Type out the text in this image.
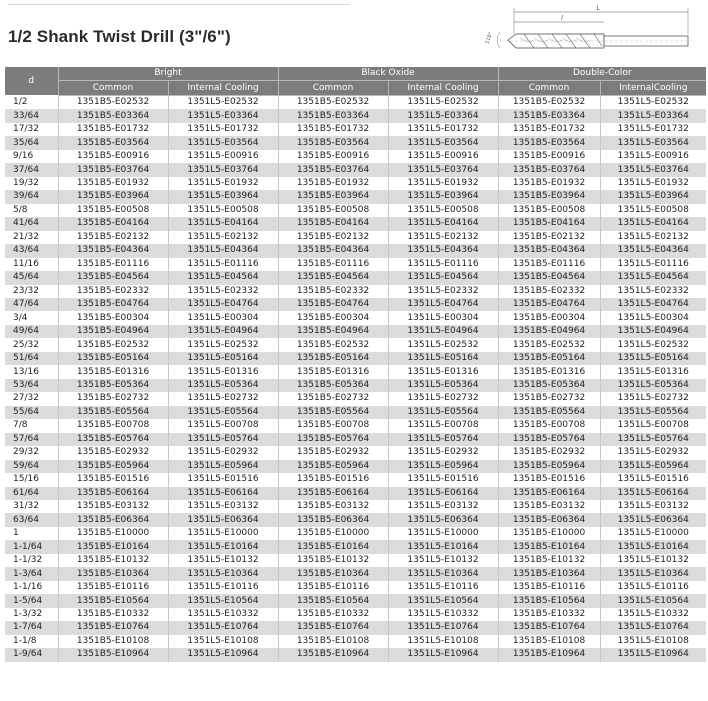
1/2 Shank Twist Drill (3"/6")
L
l
118°
d	Bright		Black Oxide		Double-Color	
	Common	Internal Cooling	Common	Internal Cooling	Common	InternalCooling
1/2	1351B5-E02532	1351L5-E02532	1351B5-E02532	1351L5-E02532	1351B5-E02532	1351L5-E02532
33/64	1351B5-E03364	1351L5-E03364	1351B5-E03364	1351L5-E03364	1351B5-E03364	1351L5-E03364
17/32	1351B5-E01732	1351L5-E01732	1351B5-E01732	1351L5-E01732	1351B5-E01732	1351L5-E01732
35/64	1351B5-E03564	1351L5-E03564	1351B5-E03564	1351L5-E03564	1351B5-E03564	1351L5-E03564
9/16	1351B5-E00916	1351L5-E00916	1351B5-E00916	1351L5-E00916	1351B5-E00916	1351L5-E00916
37/64	1351B5-E03764	1351L5-E03764	1351B5-E03764	1351L5-E03764	1351B5-E03764	1351L5-E03764
19/32	1351B5-E01932	1351L5-E01932	1351B5-E01932	1351L5-E01932	1351B5-E01932	1351L5-E01932
39/64	1351B5-E03964	1351L5-E03964	1351B5-E03964	1351L5-E03964	1351B5-E03964	1351L5-E03964
5/8	1351B5-E00508	1351L5-E00508	1351B5-E00508	1351L5-E00508	1351B5-E00508	1351L5-E00508
41/64	1351B5-E04164	1351L5-E04164	1351B5-E04164	1351L5-E04164	1351B5-E04164	1351L5-E04164
21/32	1351B5-E02132	1351L5-E02132	1351B5-E02132	1351L5-E02132	1351B5-E02132	1351L5-E02132
43/64	1351B5-E04364	1351L5-E04364	1351B5-E04364	1351L5-E04364	1351B5-E04364	1351L5-E04364
11/16	1351B5-E01116	1351L5-E01116	1351B5-E01116	1351L5-E01116	1351B5-E01116	1351L5-E01116
45/64	1351B5-E04564	1351L5-E04564	1351B5-E04564	1351L5-E04564	1351B5-E04564	1351L5-E04564
23/32	1351B5-E02332	1351L5-E02332	1351B5-E02332	1351L5-E02332	1351B5-E02332	1351L5-E02332
47/64	1351B5-E04764	1351L5-E04764	1351B5-E04764	1351L5-E04764	1351B5-E04764	1351L5-E04764
3/4	1351B5-E00304	1351L5-E00304	1351B5-E00304	1351L5-E00304	1351B5-E00304	1351L5-E00304
49/64	1351B5-E04964	1351L5-E04964	1351B5-E04964	1351L5-E04964	1351B5-E04964	1351L5-E04964
25/32	1351B5-E02532	1351L5-E02532	1351B5-E02532	1351L5-E02532	1351B5-E02532	1351L5-E02532
51/64	1351B5-E05164	1351L5-E05164	1351B5-E05164	1351L5-E05164	1351B5-E05164	1351L5-E05164
13/16	1351B5-E01316	1351L5-E01316	1351B5-E01316	1351L5-E01316	1351B5-E01316	1351L5-E01316
53/64	1351B5-E05364	1351L5-E05364	1351B5-E05364	1351L5-E05364	1351B5-E05364	1351L5-E05364
27/32	1351B5-E02732	1351L5-E02732	1351B5-E02732	1351L5-E02732	1351B5-E02732	1351L5-E02732
55/64	1351B5-E05564	1351L5-E05564	1351B5-E05564	1351L5-E05564	1351B5-E05564	1351L5-E05564
7/8	1351B5-E00708	1351L5-E00708	1351B5-E00708	1351L5-E00708	1351B5-E00708	1351L5-E00708
57/64	1351B5-E05764	1351L5-E05764	1351B5-E05764	1351L5-E05764	1351B5-E05764	1351L5-E05764
29/32	1351B5-E02932	1351L5-E02932	1351B5-E02932	1351L5-E02932	1351B5-E02932	1351L5-E02932
59/64	1351B5-E05964	1351L5-E05964	1351B5-E05964	1351L5-E05964	1351B5-E05964	1351L5-E05964
15/16	1351B5-E01516	1351L5-E01516	1351B5-E01516	1351L5-E01516	1351B5-E01516	1351L5-E01516
61/64	1351B5-E06164	1351L5-E06164	1351B5-E06164	1351L5-E06164	1351B5-E06164	1351L5-E06164
31/32	1351B5-E03132	1351L5-E03132	1351B5-E03132	1351L5-E03132	1351B5-E03132	1351L5-E03132
63/64	1351B5-E06364	1351L5-E06364	1351B5-E06364	1351L5-E06364	1351B5-E06364	1351L5-E06364
1	1351B5-E10000	1351L5-E10000	1351B5-E10000	1351L5-E10000	1351B5-E10000	1351L5-E10000
1-1/64	1351B5-E10164	1351L5-E10164	1351B5-E10164	1351L5-E10164	1351B5-E10164	1351L5-E10164
1-1/32	1351B5-E10132	1351L5-E10132	1351B5-E10132	1351L5-E10132	1351B5-E10132	1351L5-E10132
1-3/64	1351B5-E10364	1351L5-E10364	1351B5-E10364	1351L5-E10364	1351B5-E10364	1351L5-E10364
1-1/16	1351B5-E10116	1351L5-E10116	1351B5-E10116	1351L5-E10116	1351B5-E10116	1351L5-E10116
1-5/64	1351B5-E10564	1351L5-E10564	1351B5-E10564	1351L5-E10564	1351B5-E10564	1351L5-E10564
1-3/32	1351B5-E10332	1351L5-E10332	1351B5-E10332	1351L5-E10332	1351B5-E10332	1351L5-E10332
1-7/64	1351B5-E10764	1351L5-E10764	1351B5-E10764	1351L5-E10764	1351B5-E10764	1351L5-E10764
1-1/8	1351B5-E10108	1351L5-E10108	1351B5-E10108	1351L5-E10108	1351B5-E10108	1351L5-E10108
1-9/64	1351B5-E10964	1351L5-E10964	1351B5-E10964	1351L5-E10964	1351B5-E10964	1351L5-E10964
